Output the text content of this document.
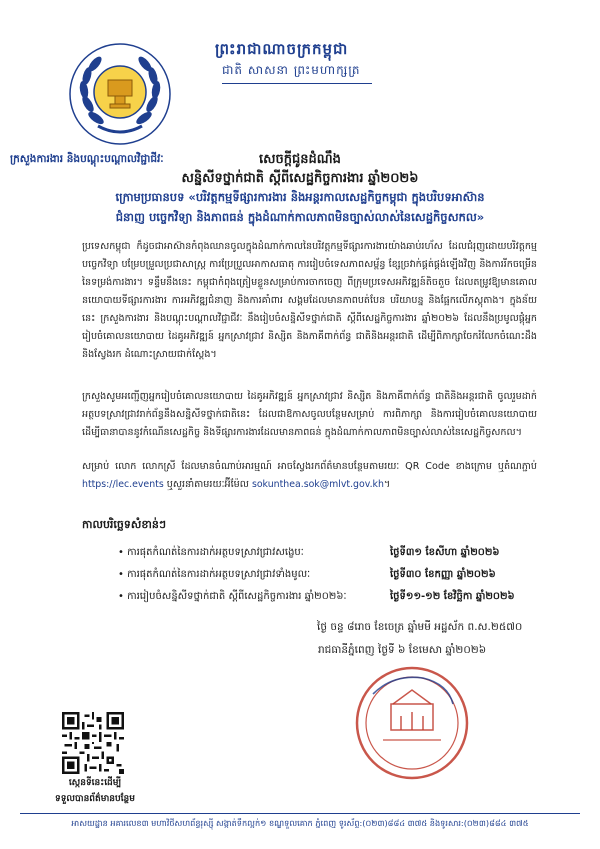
ព្រះរាជាណាចក្រកម្ពុជា
ជាតិ សាសនា ព្រះមហាក្សត្រ
ក្រសួងការងារ និងបណ្តុះបណ្តាលវិជ្ជាជីវៈ	សេចក្តីជូនដំណឹង
សន្និសីទថ្នាក់ជាតិ ស្តីពីសេដ្ឋកិច្ចការងារ ឆ្នាំ២០២៦
ក្រោមប្រធានបទ «បរិវត្តកម្មទីផ្សារការងារ និងអន្តរកាលសេដ្ឋកិច្ចកម្ពុជា ក្នុងបរិបទអាស៊ាន
ជំនាញ បច្ចេកវិទ្យា និងភាពធន់ ក្នុងដំណាក់កាលភាពមិនច្បាស់លាស់នៃសេដ្ឋកិច្ចសកល»
ប្រទេសកម្ពុជា ក៏ដូចជាអាស៊ានកំពុងឈានចូលក្នុងដំណាក់កាលនៃបរិវត្តកម្មទីផ្សារការងារយ៉ាងឆាប់រហ័ស ដែលជំរុញដោយបរិវត្តកម្មបច្ចេកវិទ្យា បម្រែបម្រួលប្រជាសាស្ត្រ ការប្រែប្រួលអាកាសធាតុ ការរៀបចំទេសភាពសម្ព័ន្ធ ខ្សែច្រវាក់ផ្គត់ផ្គង់ឡើងវិញ និងការរីកចម្រើននៃទម្រង់ការងារ។ ទន្ទឹមនឹងនេះ កម្ពុជាកំពុងត្រៀមខ្លួនសម្រាប់ការចាកចេញ ពីក្រុមប្រទេសអភិវឌ្ឍន៍តិចតួច ដែលតម្រូវឱ្យមានគោលនយោបាយទីផ្សារការងារ ការអភិវឌ្ឍជំនាញ និងការគាំពារ សង្គមដែលមានភាពបត់បែន បរិយាបន្ន និងផ្អែកលើភស្តុតាង។ ក្នុងន័យនេះ ក្រសួងការងារ និងបណ្តុះបណ្តាលវិជ្ជាជីវៈ នឹងរៀបចំសន្និសីទថ្នាក់ជាតិ ស្តីពីសេដ្ឋកិច្ចការងារ ឆ្នាំ២០២៦ ដែលនឹងប្រមូលផ្តុំអ្នករៀបចំគោលនយោបាយ ដៃគូអភិវឌ្ឍន៍ អ្នកស្រាវជ្រាវ និស្សិត និងភាគីពាក់ព័ន្ធ ជាតិនិងអន្តរជាតិ ដើម្បីពិភាក្សាចែករំលែកចំណេះដឹង និងស្វែងរក ដំណោះស្រាយជាក់ស្តែង។
ក្រសួងសូមអញ្ជើញអ្នករៀបចំគោលនយោបាយ ដៃគូអភិវឌ្ឍន៍ អ្នកស្រាវជ្រាវ និស្សិត និងភាគីពាក់ព័ន្ធ ជាតិនិងអន្តរជាតិ ចូលរួមដាក់អត្ថបទស្រាវជ្រាវរាក់ព័ន្ធនឹងសន្និសីទថ្នាក់ជាតិនេះ ដែលជាឱកាសចូលបន្ថែមសម្រាប់ ការពិភាក្សា និងការរៀបចំគោលនយោបាយ ដើម្បីធានាបាននូវកំណើនសេដ្ឋកិច្ច និងទីផ្សារការងារដែលមានភាពធន់ ក្នុងដំណាក់កាលភាពមិនច្បាស់លាស់នៃសេដ្ឋកិច្ចសកល។
សម្រាប់ លោក លោកស្រី ដែលមានចំណាប់អារម្មណ៍ អាចស្វែងរកព័ត៌មានបន្ថែមតាមរយៈ QR Code ខាងក្រោម ឬតំណភ្ជាប់ https://lec.events ឬសួរនាំតាមរយៈអ៊ីម៉ែល sokunthea.sok@mlvt.gov.kh។
កាលបរិច្ឆេទសំខាន់ៗ
• ការផុតកំណត់នៃការដាក់អត្ថបទស្រាវជ្រាវសង្ខេបៈ	ថ្ងៃទី៣១ ខែសីហា ឆ្នាំ២០២៦
• ការផុតកំណត់នៃការដាក់អត្ថបទស្រាវជ្រាវទាំងមូលៈ	ថ្ងៃទី៣០ ខែកញ្ញា ឆ្នាំ២០២៦
• ការរៀបចំសន្និសីទថ្នាក់ជាតិ ស្តីពីសេដ្ឋកិច្ចការងារ ឆ្នាំ២០២៦ៈ	ថ្ងៃទី១១-១២ ខែវិច្ឆិកា ឆ្នាំ២០២៦
ថ្ងៃ ចន្ទ ៨រោច ខែចេត្រ ឆ្នាំមមី អដ្ឋស័ក ព.ស.២៥៧០
រាជធានីភ្នំពេញ ថ្ងៃទី ៦ ខែមេសា ឆ្នាំ២០២៦
ស្កេនទីនេះដើម្បី
ទទួលបានព័ត៌មានបន្ថែម
អាសយដ្ឋាន អគារលេខ៣ មហាវិថីសហព័ន្ធរុស្ស៊ី សង្កាត់ទឹកល្អក់១ ខណ្ឌទួលគោក ភ្នំពេញ ទូរស័ព្ទ:(០២៣)៨៨៤ ៣៧៥ និងទូរសារ:(០២៣)៨៨៤ ៣៧៥
